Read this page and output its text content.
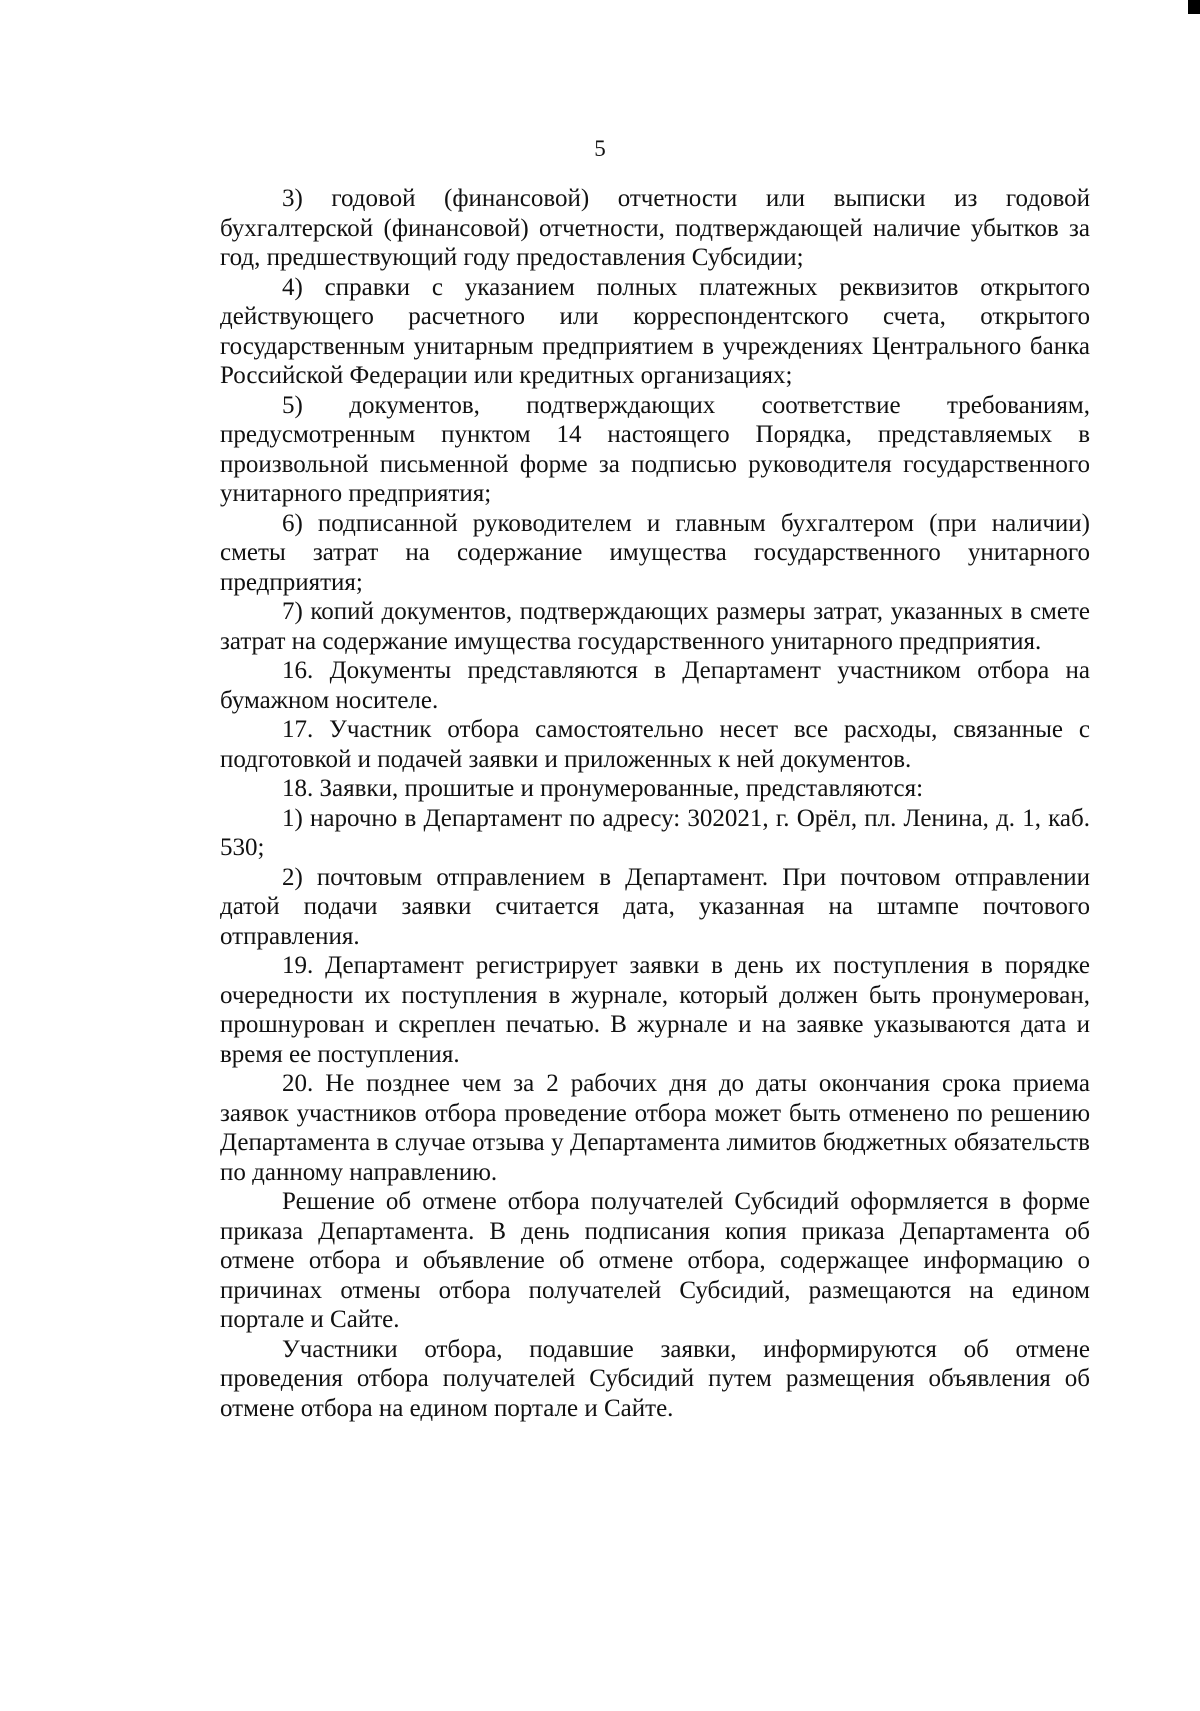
5

3) годовой (финансовой) отчетности или выписки из годовой бухгалтерской (финансовой) отчетности, подтверждающей наличие убытков за год, предшествующий году предоставления Субсидии;

4) справки с указанием полных платежных реквизитов открытого действующего расчетного или корреспондентского счета, открытого государственным унитарным предприятием в учреждениях Центрального банка Российской Федерации или кредитных организациях;

5) документов, подтверждающих соответствие требованиям, предусмотренным пунктом 14 настоящего Порядка, представляемых в произвольной письменной форме за подписью руководителя государственного унитарного предприятия;

6) подписанной руководителем и главным бухгалтером (при наличии) сметы затрат на содержание имущества государственного унитарного предприятия;

7) копий документов, подтверждающих размеры затрат, указанных в смете затрат на содержание имущества государственного унитарного предприятия.

16. Документы представляются в Департамент участником отбора на бумажном носителе.

17. Участник отбора самостоятельно несет все расходы, связанные с подготовкой и подачей заявки и приложенных к ней документов.

18. Заявки, прошитые и пронумерованные, представляются:

1) нарочно в Департамент по адресу: 302021, г. Орёл, пл. Ленина, д. 1, каб. 530;

2) почтовым отправлением в Департамент. При почтовом отправлении датой подачи заявки считается дата, указанная на штампе почтового отправления.

19. Департамент регистрирует заявки в день их поступления в порядке очередности их поступления в журнале, который должен быть пронумерован, прошнурован и скреплен печатью. В журнале и на заявке указываются дата и время ее поступления.

20. Не позднее чем за 2 рабочих дня до даты окончания срока приема заявок участников отбора проведение отбора может быть отменено по решению Департамента в случае отзыва у Департамента лимитов бюджетных обязательств по данному направлению.

Решение об отмене отбора получателей Субсидий оформляется в форме приказа Департамента. В день подписания копия приказа Департамента об отмене отбора и объявление об отмене отбора, содержащее информацию о причинах отмены отбора получателей Субсидий, размещаются на едином портале и Сайте.

Участники отбора, подавшие заявки, информируются об отмене проведения отбора получателей Субсидий путем размещения объявления об отмене отбора на едином портале и Сайте.
